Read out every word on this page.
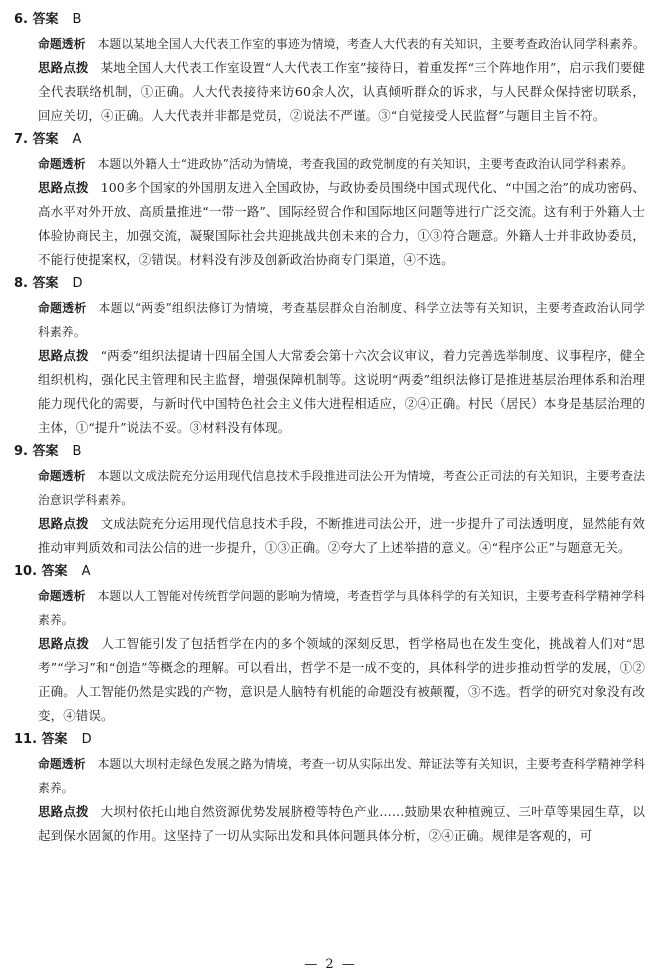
6. 答案 B
命题透析 本题以某地全国人大代表工作室的事迹为情境，考查人大代表的有关知识，主要考查政治认同学科素养。
思路点拨 某地全国人大代表工作室设置“人大代表工作室”接待日，着重发挥“三个阵地作用”，启示我们要健全代表联络机制，①正确。人大代表接待来访60余人次，认真倾听群众的诉求，与人民群众保持密切联系，回应关切，④正确。人大代表并非都是党员，②说法不严谨。③“自觉接受人民监督”与题目主旨不符。
7. 答案 A
命题透析 本题以外籍人士“进政协”活动为情境，考查我国的政党制度的有关知识，主要考查政治认同学科素养。
思路点拨 100多个国家的外国朋友进入全国政协，与政协委员围绕中国式现代化、“中国之治”的成功密码、高水平对外开放、高质量推进“一带一路”、国际经贸合作和国际地区问题等进行广泛交流。这有利于外籍人士体验协商民主，加强交流，凝聚国际社会共迎挑战共创未来的合力，①③符合题意。外籍人士并非政协委员，不能行使提案权，②错误。材料没有涉及创新政治协商专门渠道，④不选。
8. 答案 D
命题透析 本题以“两委”组织法修订为情境，考查基层群众自治制度、科学立法等有关知识，主要考查政治认同学科素养。
思路点拨 “两委”组织法提请十四届全国人大常委会第十六次会议审议，着力完善选举制度、议事程序，健全组织机构，强化民主管理和民主监督，增强保障机制等。这说明“两委”组织法修订是推进基层治理体系和治理能力现代化的需要，与新时代中国特色社会主义伟大进程相适应，②④正确。村民（居民）本身是基层治理的主体，①“提升”说法不妥。③材料没有体现。
9. 答案 B
命题透析 本题以文成法院充分运用现代信息技术手段推进司法公开为情境，考查公正司法的有关知识，主要考查法治意识学科素养。
思路点拨 文成法院充分运用现代信息技术手段，不断推进司法公开，进一步提升了司法透明度，显然能有效推动审判质效和司法公信的进一步提升，①③正确。②夸大了上述举措的意义。④“程序公正”与题意无关。
10. 答案 A
命题透析 本题以人工智能对传统哲学问题的影响为情境，考查哲学与具体科学的有关知识，主要考查科学精神学科素养。
思路点拨 人工智能引发了包括哲学在内的多个领域的深刻反思，哲学格局也在发生变化，挑战着人们对“思考”“学习”和“创造”等概念的理解。可以看出，哲学不是一成不变的，具体科学的进步推动哲学的发展，①②正确。人工智能仍然是实践的产物，意识是人脑特有机能的命题没有被颠覆，③不选。哲学的研究对象没有改变，④错误。
11. 答案 D
命题透析 本题以大坝村走绿色发展之路为情境，考查一切从实际出发、辩证法等有关知识，主要考查科学精神学科素养。
思路点拨 大坝村依托山地自然资源优势发展脐橙等特色产业……鼓励果农种植豌豆、三叶草等果园生草，以起到保水固氮的作用。这坚持了一切从实际出发和具体问题具体分析，②④正确。规律是客观的，可
— 2 —
